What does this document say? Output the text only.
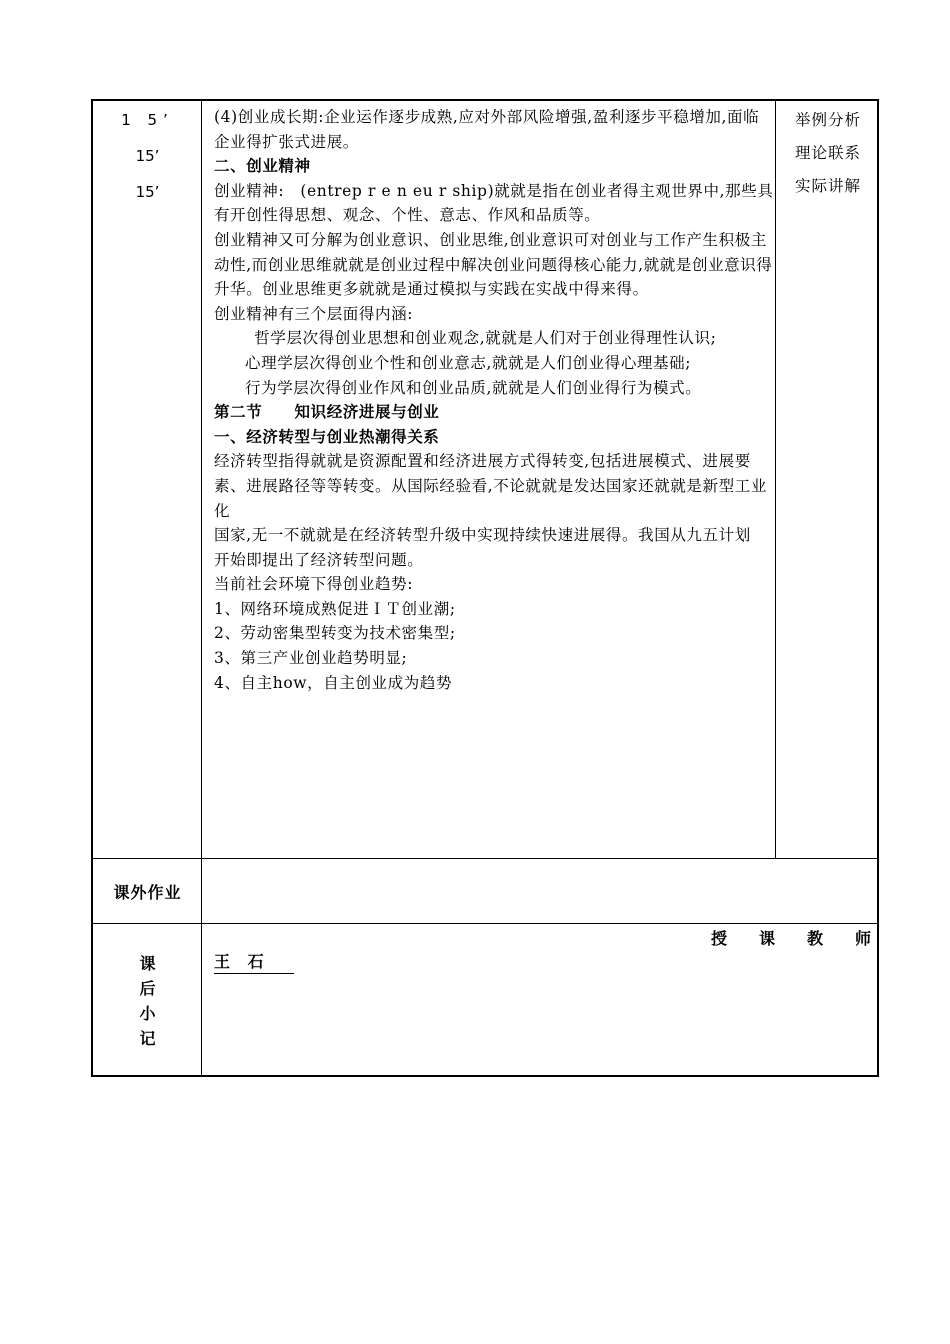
1 5’
15’
15’

(4)创业成长期:企业运作逐步成熟,应对外部风险增强,盈利逐步平稳增加,面临企业得扩张式进展。

二、创业精神

创业精神:　(entrep r e n eu r ship)就就是指在创业者得主观世界中,那些具有开创性得思想、观念、个性、意志、作风和品质等。

创业精神又可分解为创业意识、创业思维,创业意识可对创业与工作产生积极主动性,而创业思维就就是创业过程中解决创业问题得核心能力,就就是创业意识得升华。创业思维更多就就是通过模拟与实践在实战中得来得。

创业精神有三个层面得内涵:

哲学层次得创业思想和创业观念,就就是人们对于创业得理性认识;

心理学层次得创业个性和创业意志,就就是人们创业得心理基础;

行为学层次得创业作风和创业品质,就就是人们创业得行为模式。

第二节　　知识经济进展与创业

一、经济转型与创业热潮得关系

经济转型指得就就是资源配置和经济进展方式得转变,包括进展模式、进展要

素、进展路径等等转变。从国际经验看,不论就就是发达国家还就就是新型工业化

国家,无一不就就是在经济转型升级中实现持续快速进展得。我国从九五计划

开始即提出了经济转型问题。

当前社会环境下得创业趋势:

1、网络环境成熟促进ＩＴ创业潮;

2、劳动密集型转变为技术密集型;

3、第三产业创业趋势明显;

4、自主how，自主创业成为趋势

举例分析
理论联系
实际讲解
课外作业
课
后
小
记
授 课 教 师
王 石
